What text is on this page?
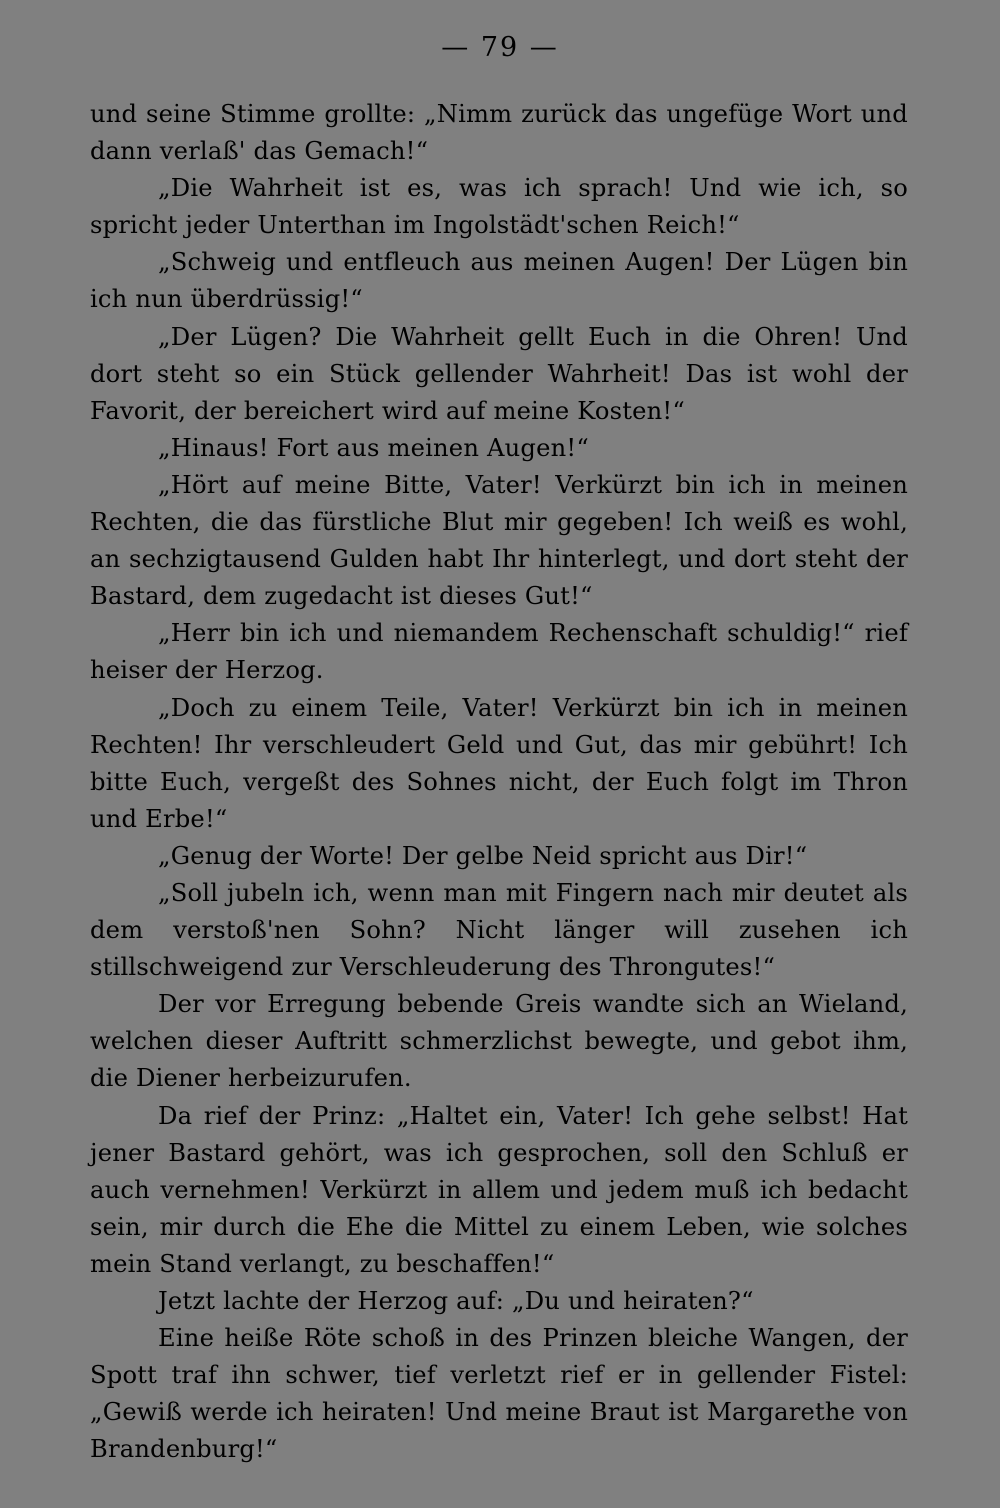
— 79 —

und seine Stimme grollte: „Nimm zurück das ungefüge Wort und dann verlaß' das Gemach!“

„Die Wahrheit ist es, was ich sprach! Und wie ich, so spricht jeder Unterthan im Ingolstädt'schen Reich!“

„Schweig und entfleuch aus meinen Augen! Der Lügen bin ich nun überdrüssig!“

„Der Lügen? Die Wahrheit gellt Euch in die Ohren! Und dort steht so ein Stück gellender Wahrheit! Das ist wohl der Favorit, der bereichert wird auf meine Kosten!“

„Hinaus! Fort aus meinen Augen!“

„Hört auf meine Bitte, Vater! Verkürzt bin ich in meinen Rechten, die das fürstliche Blut mir gegeben! Ich weiß es wohl, an sechzigtausend Gulden habt Ihr hinterlegt, und dort steht der Bastard, dem zugedacht ist dieses Gut!“

„Herr bin ich und niemandem Rechenschaft schuldig!“ rief heiser der Herzog.

„Doch zu einem Teile, Vater! Verkürzt bin ich in meinen Rechten! Ihr verschleudert Geld und Gut, das mir gebührt! Ich bitte Euch, vergeßt des Sohnes nicht, der Euch folgt im Thron und Erbe!“

„Genug der Worte! Der gelbe Neid spricht aus Dir!“

„Soll jubeln ich, wenn man mit Fingern nach mir deutet als dem verstoß'nen Sohn? Nicht länger will zusehen ich stillschweigend zur Verschleuderung des Throngutes!“

Der vor Erregung bebende Greis wandte sich an Wieland, welchen dieser Auftritt schmerzlichst bewegte, und gebot ihm, die Diener herbeizurufen.

Da rief der Prinz: „Haltet ein, Vater! Ich gehe selbst! Hat jener Bastard gehört, was ich gesprochen, soll den Schluß er auch vernehmen! Verkürzt in allem und jedem muß ich bedacht sein, mir durch die Ehe die Mittel zu einem Leben, wie solches mein Stand verlangt, zu beschaffen!“

Jetzt lachte der Herzog auf: „Du und heiraten?“

Eine heiße Röte schoß in des Prinzen bleiche Wangen, der Spott traf ihn schwer, tief verletzt rief er in gellender Fistel: „Gewiß werde ich heiraten! Und meine Braut ist Margarethe von Brandenburg!“
